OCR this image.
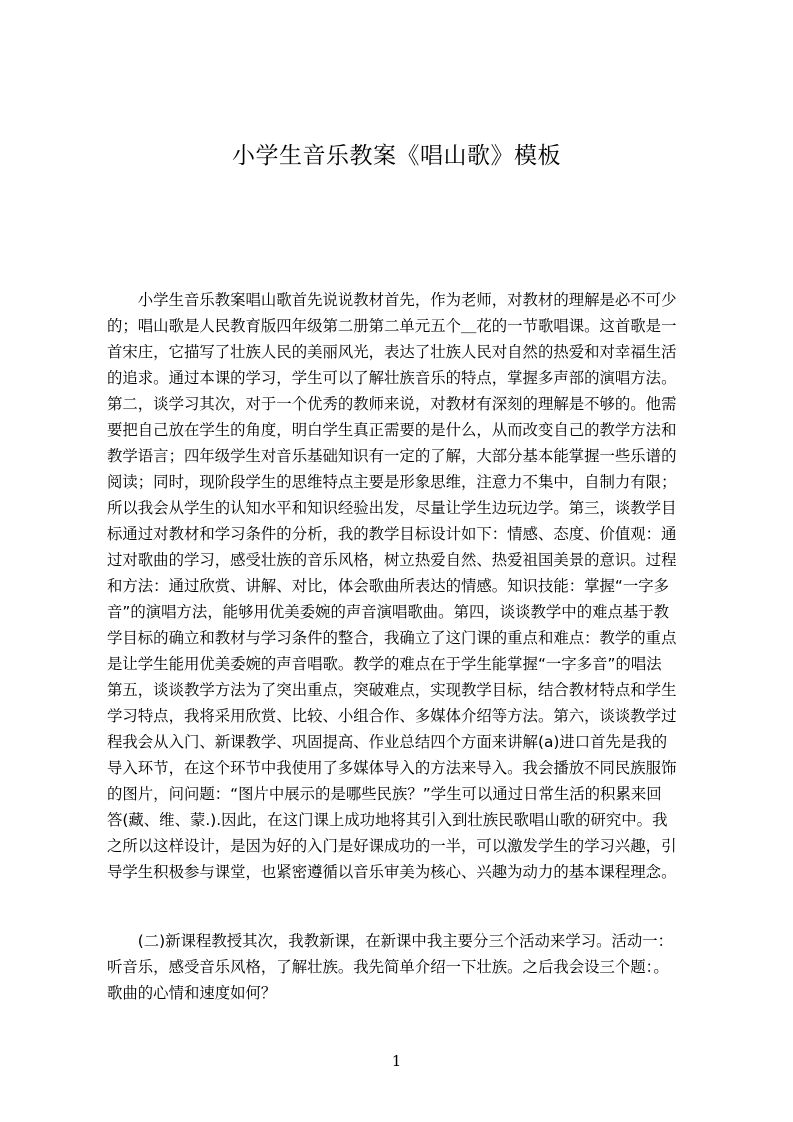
小学生音乐教案《唱山歌》模板
　　小学生音乐教案唱山歌首先说说教材首先，作为老师，对教材的理解是必不可少
的；唱山歌是人民教育版四年级第二册第二单元五个＿花的一节歌唱课。这首歌是一
首宋庄，它描写了壮族人民的美丽风光，表达了壮族人民对自然的热爱和对幸福生活
的追求。通过本课的学习，学生可以了解壮族音乐的特点，掌握多声部的演唱方法。
第二，谈学习其次，对于一个优秀的教师来说，对教材有深刻的理解是不够的。他需
要把自己放在学生的角度，明白学生真正需要的是什么，从而改变自己的教学方法和
教学语言；四年级学生对音乐基础知识有一定的了解，大部分基本能掌握一些乐谱的
阅读；同时，现阶段学生的思维特点主要是形象思维，注意力不集中，自制力有限；
所以我会从学生的认知水平和知识经验出发，尽量让学生边玩边学。第三，谈教学目
标通过对教材和学习条件的分析，我的教学目标设计如下：情感、态度、价值观：通
过对歌曲的学习，感受壮族的音乐风格，树立热爱自然、热爱祖国美景的意识。过程
和方法：通过欣赏、讲解、对比，体会歌曲所表达的情感。知识技能：掌握“一字多
音”的演唱方法，能够用优美委婉的声音演唱歌曲。第四，谈谈教学中的难点基于教
学目标的确立和教材与学习条件的整合，我确立了这门课的重点和难点：教学的重点
是让学生能用优美委婉的声音唱歌。教学的难点在于学生能掌握“一字多音”的唱法
第五，谈谈教学方法为了突出重点，突破难点，实现教学目标，结合教材特点和学生
学习特点，我将采用欣赏、比较、小组合作、多媒体介绍等方法。第六，谈谈教学过
程我会从入门、新课教学、巩固提高、作业总结四个方面来讲解(a)进口首先是我的
导入环节，在这个环节中我使用了多媒体导入的方法来导入。我会播放不同民族服饰
的图片，问问题：“图片中展示的是哪些民族？”学生可以通过日常生活的积累来回
答(藏、维、蒙.).因此，在这门课上成功地将其引入到壮族民歌唱山歌的研究中。我
之所以这样设计，是因为好的入门是好课成功的一半，可以激发学生的学习兴趣，引
导学生积极参与课堂，也紧密遵循以音乐审美为核心、兴趣为动力的基本课程理念。
　　(二)新课程教授其次，我教新课，在新课中我主要分三个活动来学习。活动一：
听音乐，感受音乐风格，了解壮族。我先简单介绍一下壮族。之后我会设三个题：。
歌曲的心情和速度如何？
1
